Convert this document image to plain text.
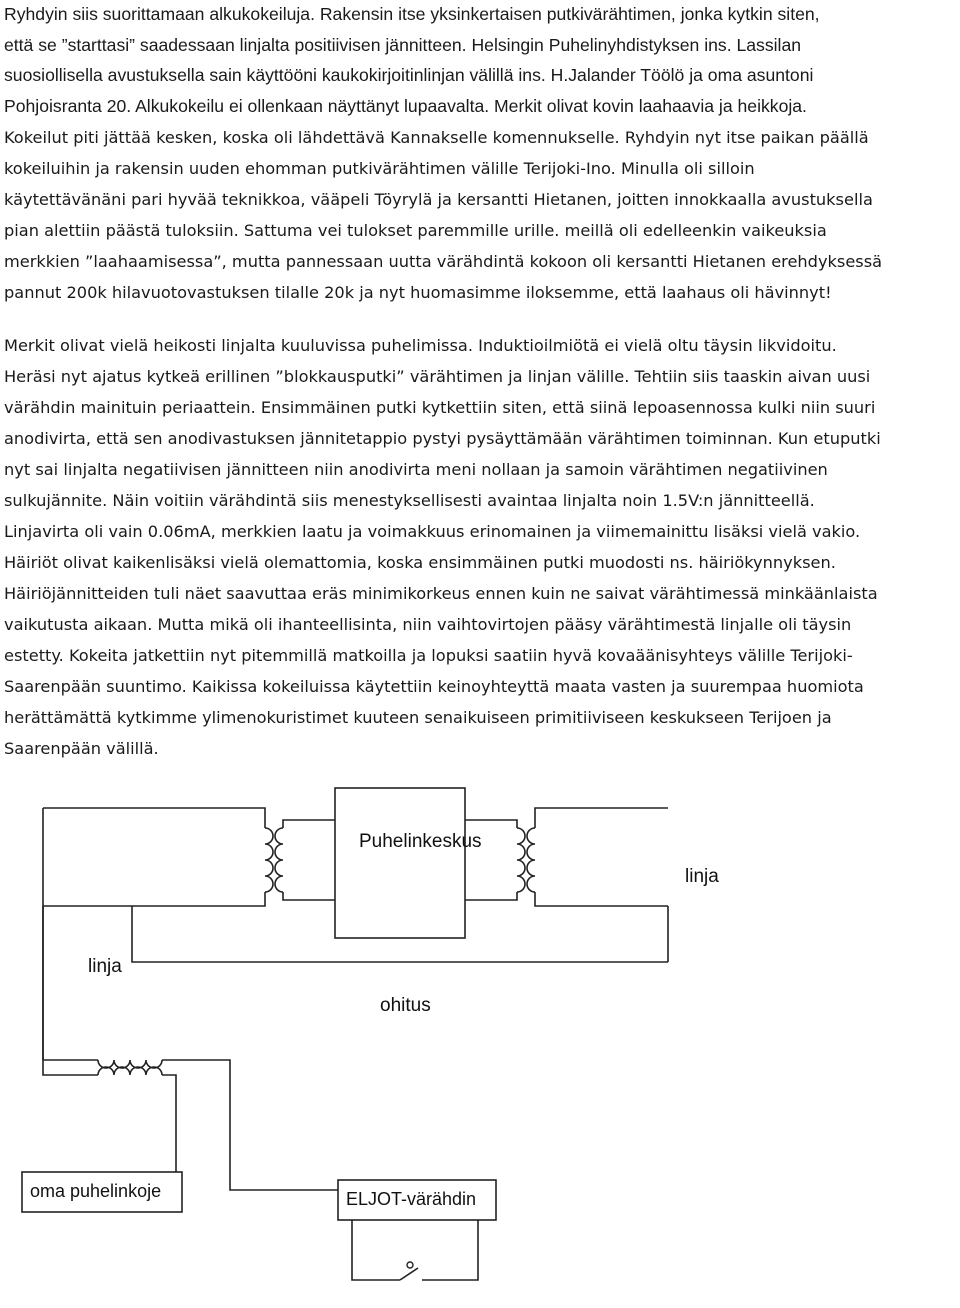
Ryhdyin siis suorittamaan alkukokeiluja. Rakensin itse yksinkertaisen putkivärähtimen, jonka kytkin siten,
että se ”starttasi” saadessaan linjalta positiivisen jännitteen. Helsingin Puhelinyhdistyksen ins. Lassilan
suosiollisella avustuksella sain käyttööni kaukokirjoitinlinjan välillä ins. H.Jalander Töölö ja oma asuntoni
Pohjoisranta 20. Alkukokeilu ei ollenkaan näyttänyt lupaavalta. Merkit olivat kovin laahaavia ja heikkoja.
Kokeilut piti jättää kesken, koska oli lähdettävä Kannakselle komennukselle. Ryhdyin nyt itse paikan päällä
kokeiluihin ja rakensin uuden ehomman putkivärähtimen välille Terijoki-Ino. Minulla oli silloin
käytettävänäni pari hyvää teknikkoa, vääpeli Töyrylä ja kersantti Hietanen, joitten innokkaalla avustuksella
pian alettiin päästä tuloksiin. Sattuma vei tulokset paremmille urille. meillä oli edelleenkin vaikeuksia
merkkien ”laahaamisessa”, mutta pannessaan uutta värähdintä kokoon oli kersantti Hietanen erehdyksessä
pannut 200k hilavuotovastuksen tilalle 20k ja nyt huomasimme iloksemme, että laahaus oli hävinnyt!
Merkit olivat vielä heikosti linjalta kuuluvissa puhelimissa. Induktioilmiötä ei vielä oltu täysin likvidoitu.
Heräsi nyt ajatus kytkeä erillinen ”blokkausputki” värähtimen ja linjan välille. Tehtiin siis taaskin aivan uusi
värähdin mainituin periaattein. Ensimmäinen putki kytkettiin siten, että siinä lepoasennossa kulki niin suuri
anodivirta, että sen anodivastuksen jännitetappio pystyi pysäyttämään värähtimen toiminnan. Kun etuputki
nyt sai linjalta negatiivisen jännitteen niin anodivirta meni nollaan ja samoin värähtimen negatiivinen
sulkujännite. Näin voitiin värähdintä siis menestyksellisesti avaintaa linjalta noin 1.5V:n jännitteellä.
Linjavirta oli vain 0.06mA, merkkien laatu ja voimakkuus erinomainen ja viimemainittu lisäksi vielä vakio.
Häiriöt olivat kaikenlisäksi vielä olemattomia, koska ensimmäinen putki muodosti ns. häiriökynnyksen.
Häiriöjännitteiden tuli näet saavuttaa eräs minimikorkeus ennen kuin ne saivat värähtimessä minkäänlaista
vaikutusta aikaan. Mutta mikä oli ihanteellisinta, niin vaihtovirtojen pääsy värähtimestä linjalle oli täysin
estetty. Kokeita jatkettiin nyt pitemmillä matkoilla ja lopuksi saatiin hyvä kovaäänisyhteys välille Terijoki-
Saarenpään suuntimo. Kaikissa kokeiluissa käytettiin keinoyhteyttä maata vasten ja suurempaa huomiota
herättämättä kytkimme ylimenokuristimet kuuteen senaikuiseen primitiiviseen keskukseen Terijoen ja
Saarenpään välillä.
Puhelinkeskus
linja
linja
ohitus
oma puhelinkoje	ELJOT-värähdin
